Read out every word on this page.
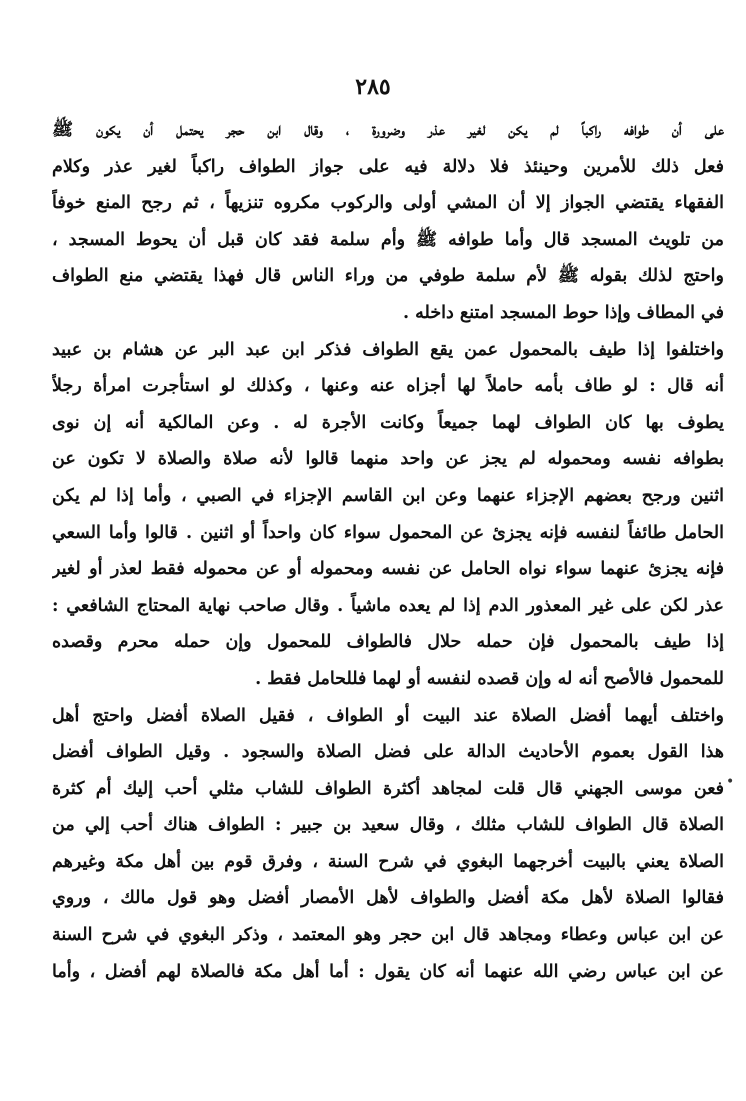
٢٨٥
على أن طوافه راكباً لم يكن لغير عذر وضرورة ، وقال ابن حجر يحتمل أن يكون ﷺ
فعل ذلك للأمرين وحينئذ فلا دلالة فيه على جواز الطواف راكباً لغير عذر وكلام
الفقهاء يقتضي الجواز إلا أن المشي أولى والركوب مكروه تنزيهاً ، ثم رجح المنع خوفاً
من تلويث المسجد قال وأما طوافه ﷺ وأم سلمة فقد كان قبل أن يحوط المسجد ،
واحتج لذلك بقوله ﷺ لأم سلمة طوفي من وراء الناس قال فهذا يقتضي منع الطواف
في المطاف وإذا حوط المسجد امتنع داخله .
واختلفوا إذا طيف بالمحمول عمن يقع الطواف فذكر ابن عبد البر عن هشام بن عبيد
أنه قال : لو طاف بأمه حاملاً لها أجزاه عنه وعنها ، وكذلك لو استأجرت امرأة رجلاً
يطوف بها كان الطواف لهما جميعاً وكانت الأجرة له . وعن المالكية أنه إن نوى
بطوافه نفسه ومحموله لم يجز عن واحد منهما قالوا لأنه صلاة والصلاة لا تكون عن
اثنين ورجح بعضهم الإجزاء عنهما وعن ابن القاسم الإجزاء في الصبي ، وأما إذا لم يكن
الحامل طائفاً لنفسه فإنه يجزئ عن المحمول سواء كان واحداً أو اثنين . قالوا وأما السعي
فإنه يجزئ عنهما سواء نواه الحامل عن نفسه ومحموله أو عن محموله فقط لعذر أو لغير
عذر لكن على غير المعذور الدم إذا لم يعده ماشياً . وقال صاحب نهاية المحتاج الشافعي :
إذا طيف بالمحمول فإن حمله حلال فالطواف للمحمول وإن حمله محرم وقصده
للمحمول فالأصح أنه له وإن قصده لنفسه أو لهما فللحامل فقط .
واختلف أيهما أفضل الصلاة عند البيت أو الطواف ، فقيل الصلاة أفضل واحتج أهل
هذا القول بعموم الأحاديث الدالة على فضل الصلاة والسجود . وقيل الطواف أفضل
فعن موسى الجهني قال قلت لمجاهد أكثرة الطواف للشاب مثلي أحب إليك أم كثرة
الصلاة قال الطواف للشاب مثلك ، وقال سعيد بن جبير : الطواف هناك أحب إلي من
الصلاة يعني بالبيت أخرجهما البغوي في شرح السنة ، وفرق قوم بين أهل مكة وغيرهم
فقالوا الصلاة لأهل مكة أفضل والطواف لأهل الأمصار أفضل وهو قول مالك ، وروي
عن ابن عباس وعطاء ومجاهد قال ابن حجر وهو المعتمد ، وذكر البغوي في شرح السنة
عن ابن عباس رضي الله عنهما أنه كان يقول : أما أهل مكة فالصلاة لهم أفضل ، وأما
•
